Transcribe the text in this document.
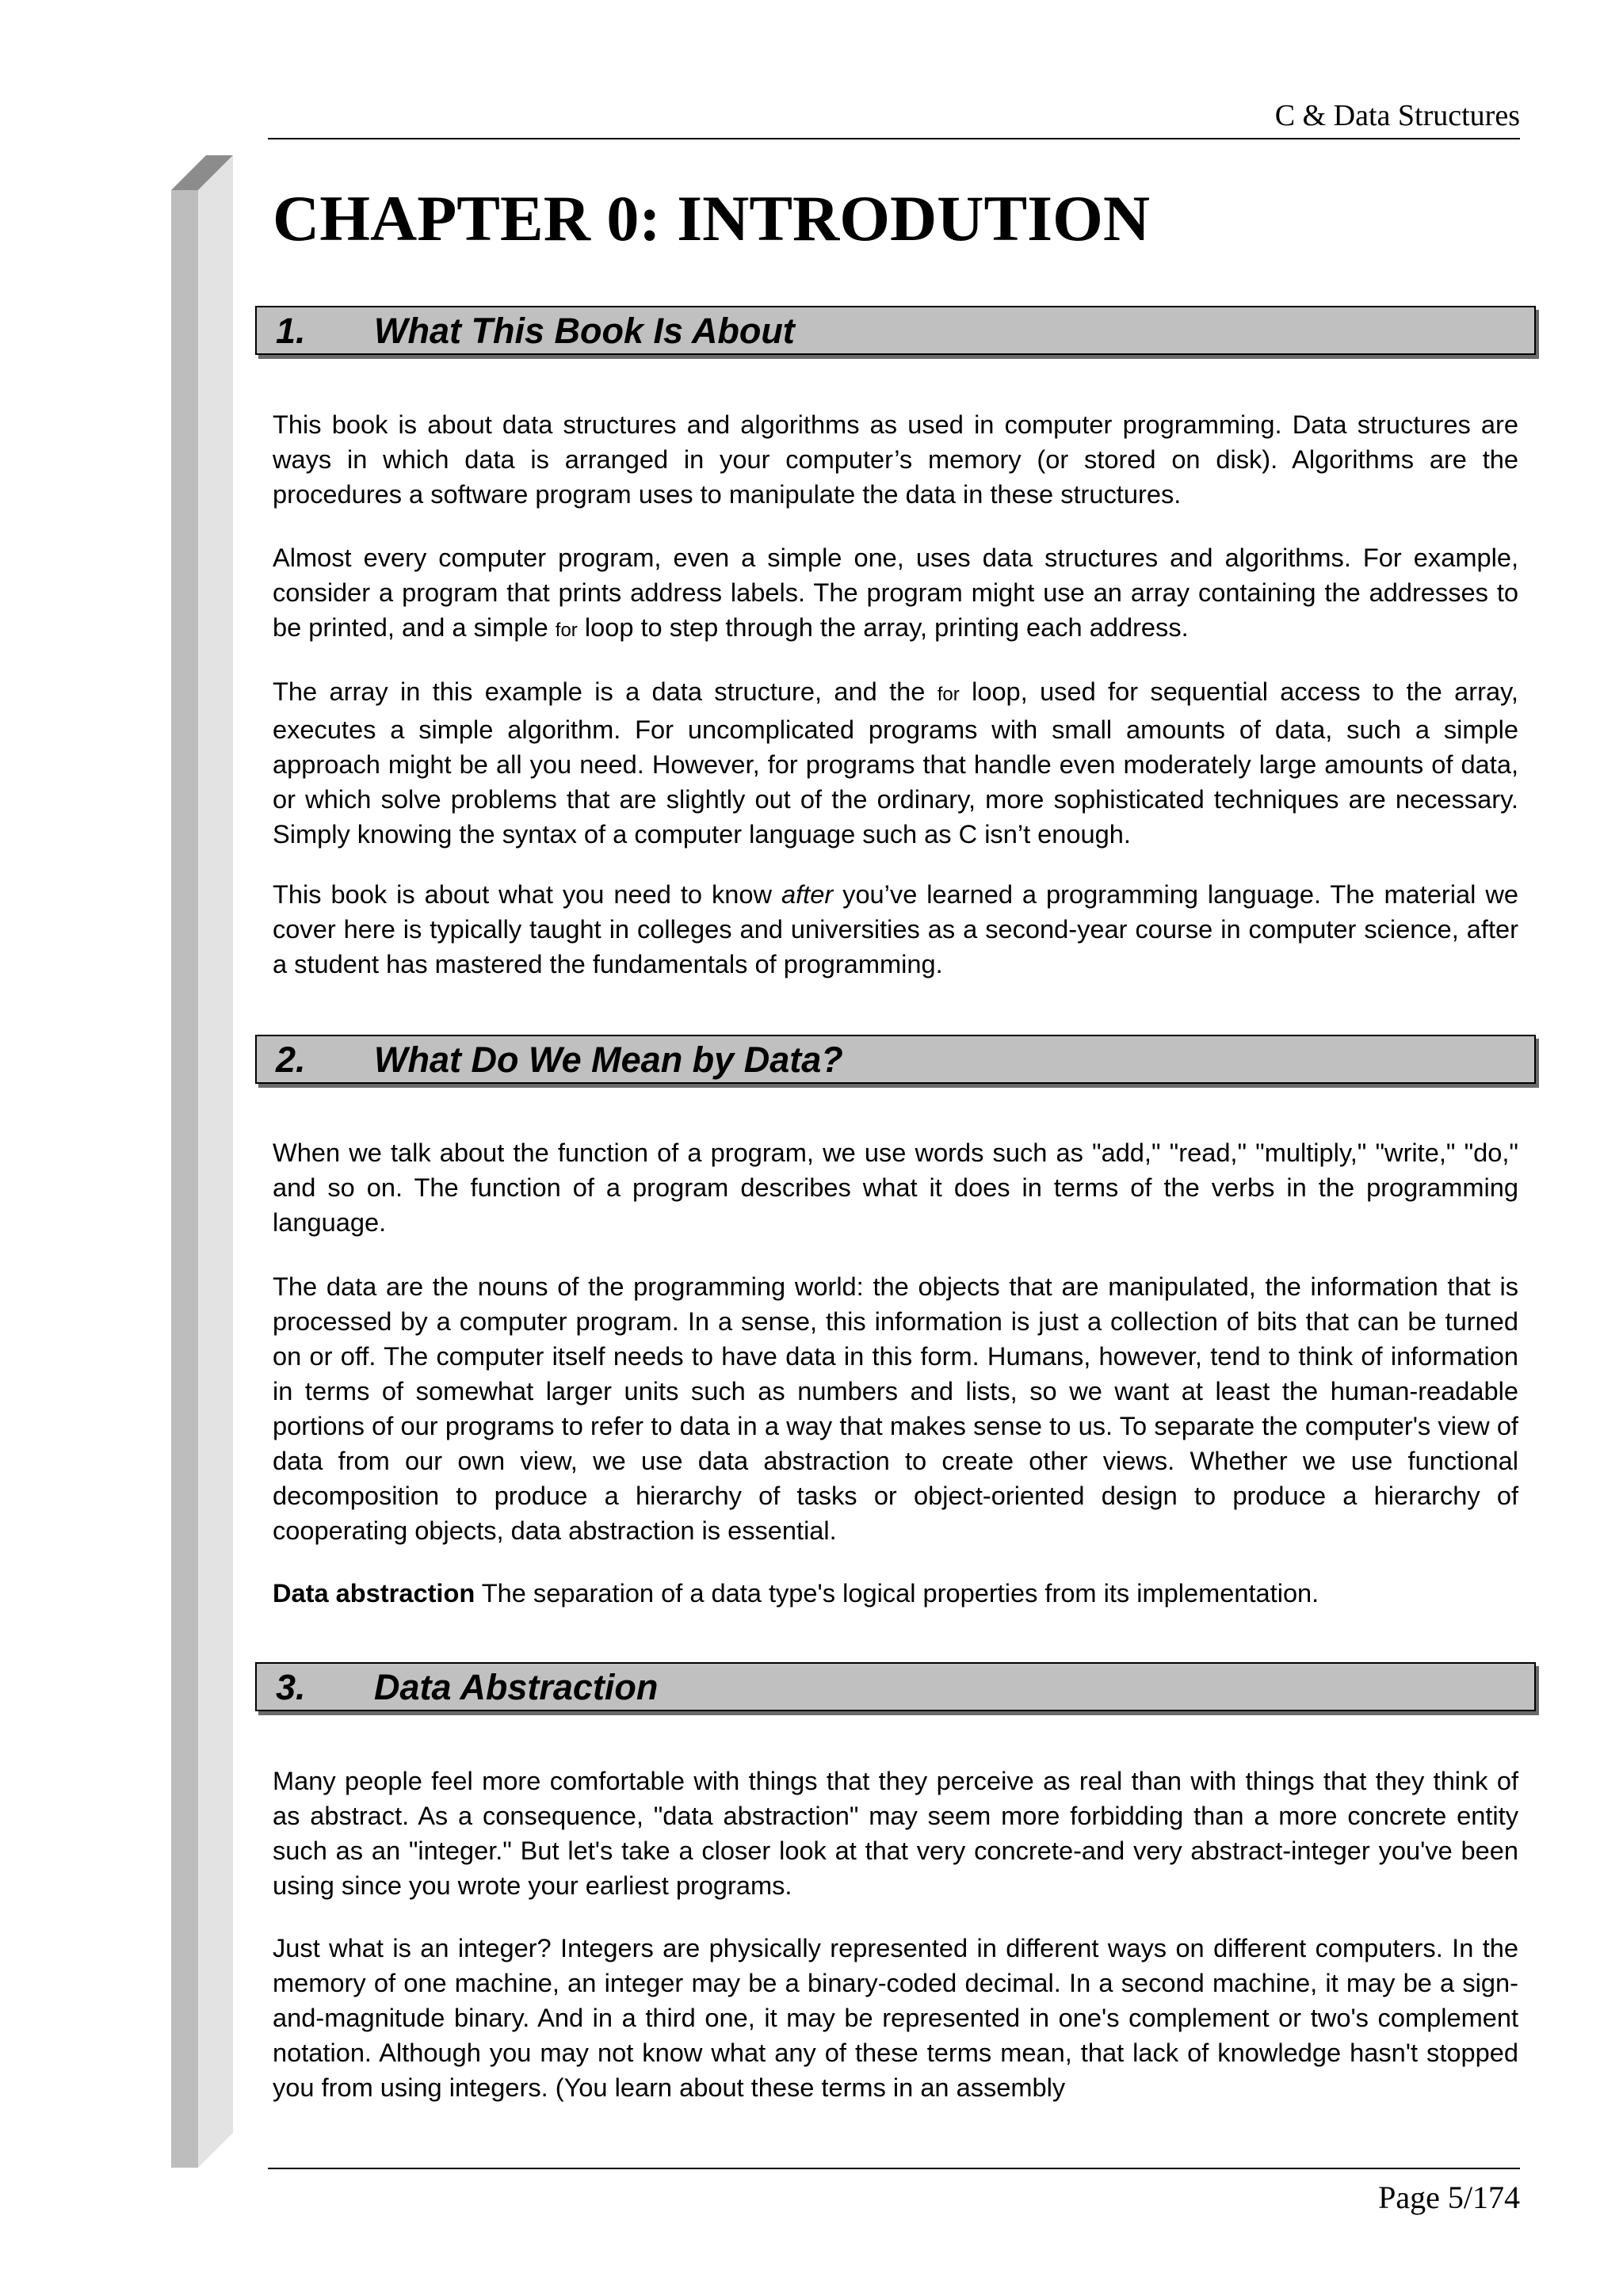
C & Data Structures
CHAPTER 0: INTRODUTION
1. What This Book Is About

This book is about data structures and algorithms as used in computer programming. Data structures are ways in which data is arranged in your computer’s memory (or stored on disk). Algorithms are the procedures a software program uses to manipulate the data in these structures.

Almost every computer program, even a simple one, uses data structures and algorithms. For example, consider a program that prints address labels. The program might use an array containing the addresses to be printed, and a simple for loop to step through the array, printing each address.

The array in this example is a data structure, and the for loop, used for sequential access to the array, executes a simple algorithm. For uncomplicated programs with small amounts of data, such a simple approach might be all you need. However, for programs that handle even moderately large amounts of data, or which solve problems that are slightly out of the ordinary, more sophisticated techniques are necessary. Simply knowing the syntax of a computer language such as C isn’t enough.

This book is about what you need to know after you’ve learned a programming language. The material we cover here is typically taught in colleges and universities as a second-year course in computer science, after a student has mastered the fundamentals of programming.

2. What Do We Mean by Data?

When we talk about the function of a program, we use words such as "add," "read," "multiply," "write," "do," and so on. The function of a program describes what it does in terms of the verbs in the programming language.

The data are the nouns of the programming world: the objects that are manipulated, the information that is processed by a computer program. In a sense, this information is just a collection of bits that can be turned on or off. The computer itself needs to have data in this form. Humans, however, tend to think of information in terms of somewhat larger units such as numbers and lists, so we want at least the human-readable portions of our programs to refer to data in a way that makes sense to us. To separate the computer's view of data from our own view, we use data abstraction to create other views. Whether we use functional decomposition to produce a hierarchy of tasks or object-oriented design to produce a hierarchy of cooperating objects, data abstraction is essential.

Data abstraction The separation of a data type's logical properties from its implementation.

3. Data Abstraction

Many people feel more comfortable with things that they perceive as real than with things that they think of as abstract. As a consequence, "data abstraction" may seem more forbidding than a more concrete entity such as an "integer." But let's take a closer look at that very concrete-and very abstract-integer you've been using since you wrote your earliest programs.

Just what is an integer? Integers are physically represented in different ways on different computers. In the memory of one machine, an integer may be a binary-coded decimal. In a second machine, it may be a sign-and-magnitude binary. And in a third one, it may be represented in one's complement or two's complement notation. Although you may not know what any of these terms mean, that lack of knowledge hasn't stopped you from using integers. (You learn about these terms in an assembly

Page 5/174
